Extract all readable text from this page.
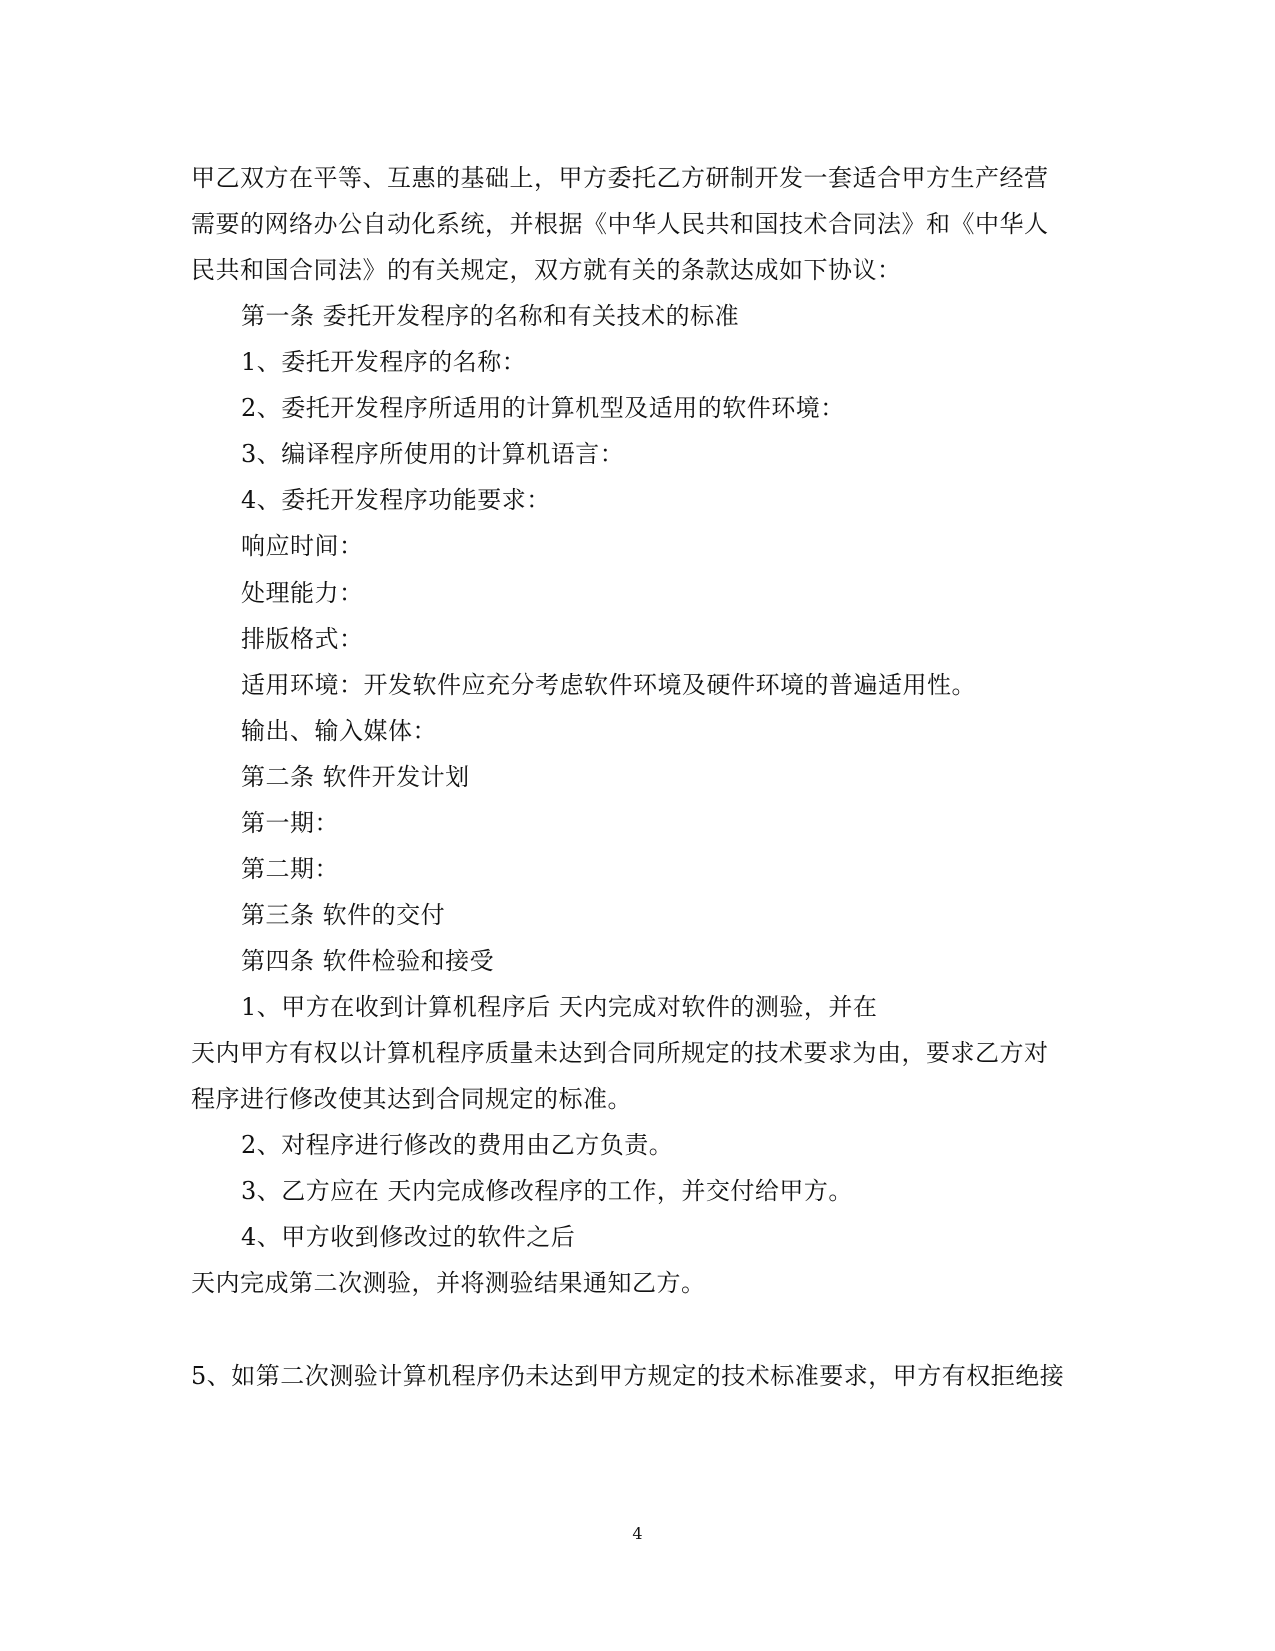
甲乙双方在平等、互惠的基础上，甲方委托乙方研制开发一套适合甲方生产经营
需要的网络办公自动化系统，并根据《中华人民共和国技术合同法》和《中华人
民共和国合同法》的有关规定，双方就有关的条款达成如下协议：
第一条 委托开发程序的名称和有关技术的标准
1、委托开发程序的名称：
2、委托开发程序所适用的计算机型及适用的软件环境：
3、编译程序所使用的计算机语言：
4、委托开发程序功能要求：
响应时间：
处理能力：
排版格式：
适用环境：开发软件应充分考虑软件环境及硬件环境的普遍适用性。
输出、输入媒体：
第二条 软件开发计划
第一期：
第二期：
第三条 软件的交付
第四条 软件检验和接受
1、甲方在收到计算机程序后 天内完成对软件的测验，并在
天内甲方有权以计算机程序质量未达到合同所规定的技术要求为由，要求乙方对
程序进行修改使其达到合同规定的标准。
2、对程序进行修改的费用由乙方负责。
3、乙方应在 天内完成修改程序的工作，并交付给甲方。
4、甲方收到修改过的软件之后
天内完成第二次测验，并将测验结果通知乙方。
5、如第二次测验计算机程序仍未达到甲方规定的技术标准要求，甲方有权拒绝接
4
